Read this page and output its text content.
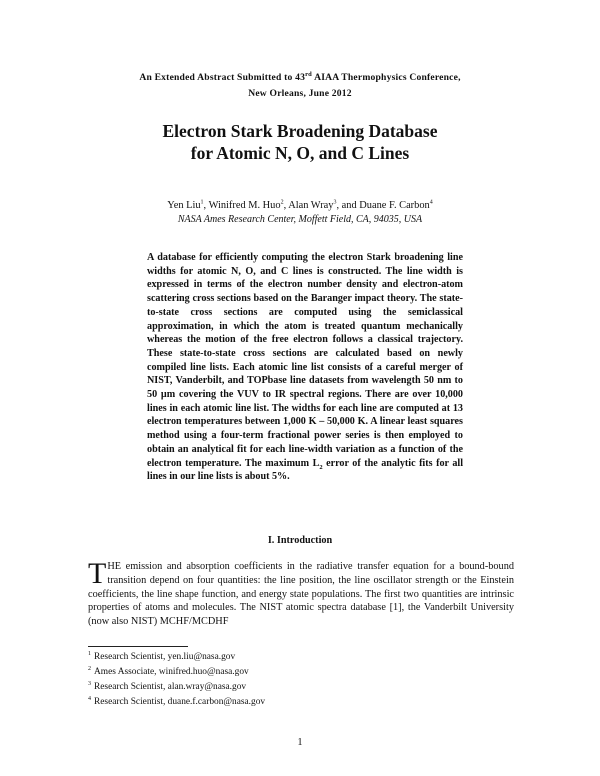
An Extended Abstract Submitted to 43rd AIAA Thermophysics Conference,
New Orleans, June 2012
Electron Stark Broadening Database
for Atomic N, O, and C Lines
Yen Liu$^1$, Winifred M. Huo$^2$, Alan Wray$^3$, and Duane F. Carbon$^4$
NASA Ames Research Center, Moffett Field, CA, 94035, USA

A database for efficiently computing the electron Stark broadening line widths for atomic N, O, and C lines is constructed. The line width is expressed in terms of the electron number density and electron-atom scattering cross sections based on the Baranger impact theory. The state-to-state cross sections are computed using the semiclassical approximation, in which the atom is treated quantum mechanically whereas the motion of the free electron follows a classical trajectory. These state-to-state cross sections are calculated based on newly compiled line lists. Each atomic line list consists of a careful merger of NIST, Vanderbilt, and TOPbase line datasets from wavelength 50 nm to 50 µm covering the VUV to IR spectral regions. There are over 10,000 lines in each atomic line list. The widths for each line are computed at 13 electron temperatures between 1,000 K – 50,000 K. A linear least squares method using a four-term fractional power series is then employed to obtain an analytical fit for each line-width variation as a function of the electron temperature. The maximum $L_2$ error of the analytic fits for all lines in our line lists is about 5%.

I. Introduction

THE emission and absorption coefficients in the radiative transfer equation for a bound-bound transition depend on four quantities: the line position, the line oscillator strength or the Einstein coefficients, the line shape function, and energy state populations. The first two quantities are intrinsic properties of atoms and molecules. The NIST atomic spectra database [1], the Vanderbilt University (now also NIST) MCHF/MCDHF

$^1$ Research Scientist, yen.liu@nasa.gov
$^2$ Ames Associate, winifred.huo@nasa.gov
$^3$ Research Scientist, alan.wray@nasa.gov
$^4$ Research Scientist, duane.f.carbon@nasa.gov
1
